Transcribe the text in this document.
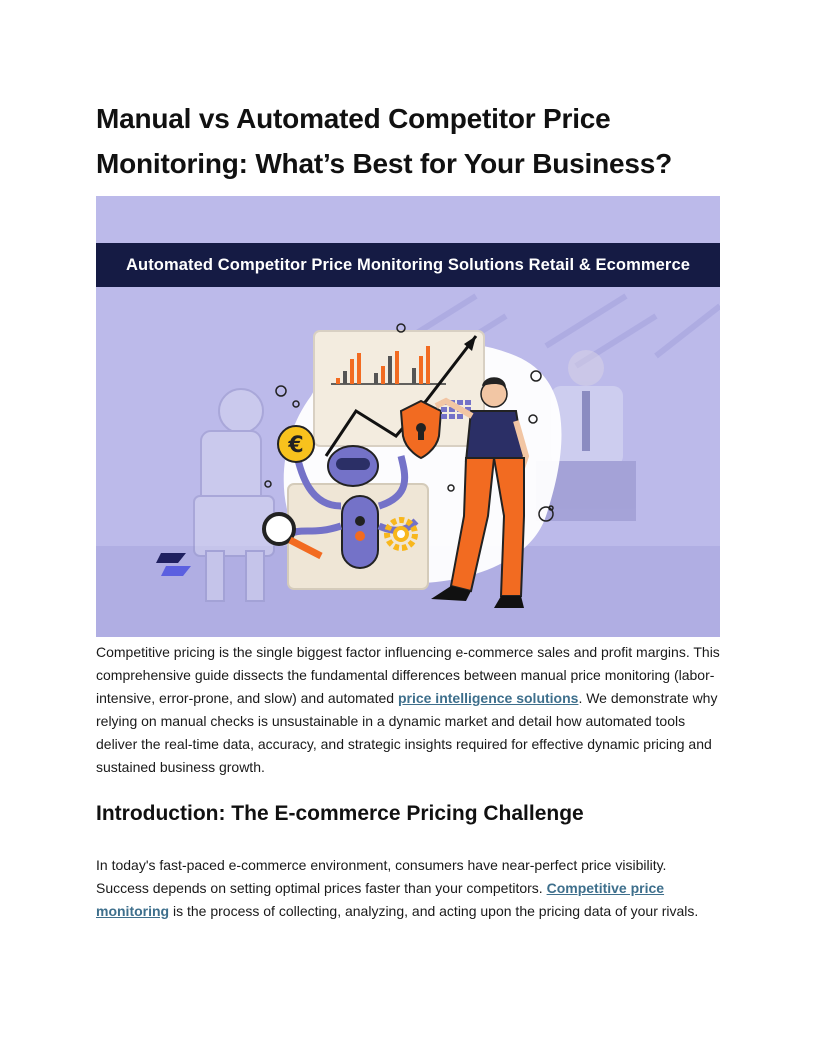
Manual vs Automated Competitor Price
Monitoring: What’s Best for Your Business?
€
Automated Competitor Price Monitoring Solutions Retail & Ecommerce

Competitive pricing is the single biggest factor influencing e-commerce sales and profit margins. This comprehensive guide dissects the fundamental differences between manual price monitoring (labor-intensive, error-prone, and slow) and automated price intelligence solutions. We demonstrate why relying on manual checks is unsustainable in a dynamic market and detail how automated tools deliver the real-time data, accuracy, and strategic insights required for effective dynamic pricing and sustained business growth.

Introduction: The E-commerce Pricing Challenge

In today's fast-paced e-commerce environment, consumers have near-perfect price visibility. Success depends on setting optimal prices faster than your competitors. Competitive price monitoring is the process of collecting, analyzing, and acting upon the pricing data of your rivals.
